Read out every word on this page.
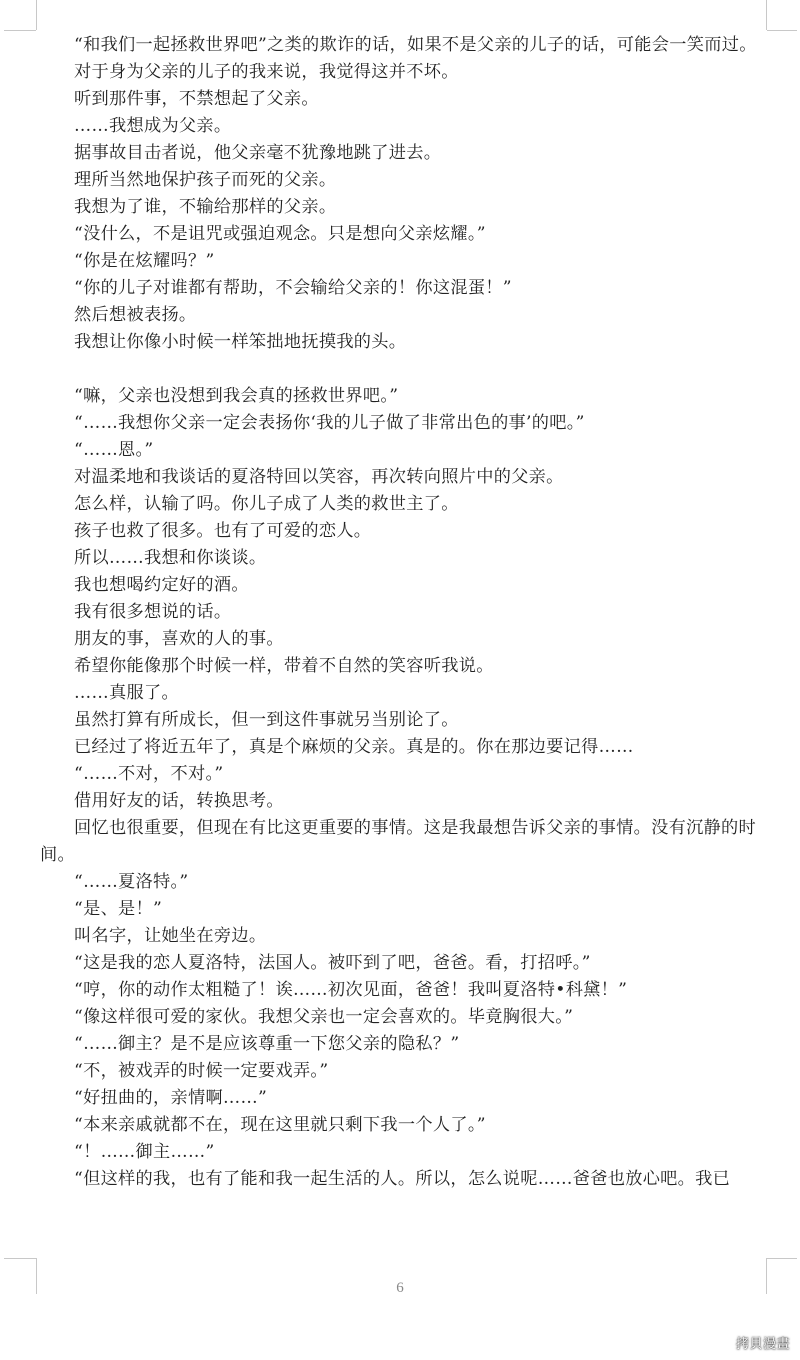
“和我们一起拯救世界吧”之类的欺诈的话，如果不是父亲的儿子的话，可能会一笑而过。

对于身为父亲的儿子的我来说，我觉得这并不坏。

听到那件事，不禁想起了父亲。

……我想成为父亲。

据事故目击者说，他父亲毫不犹豫地跳了进去。

理所当然地保护孩子而死的父亲。

我想为了谁，不输给那样的父亲。

“没什么，不是诅咒或强迫观念。只是想向父亲炫耀。”

“你是在炫耀吗？”

“你的儿子对谁都有帮助，不会输给父亲的！你这混蛋！”

然后想被表扬。

我想让你像小时候一样笨拙地抚摸我的头。

“嘛，父亲也没想到我会真的拯救世界吧。”

“……我想你父亲一定会表扬你‘我的儿子做了非常出色的事’的吧。”

“……恩。”

对温柔地和我谈话的夏洛特回以笑容，再次转向照片中的父亲。

怎么样，认输了吗。你儿子成了人类的救世主了。

孩子也救了很多。也有了可爱的恋人。

所以……我想和你谈谈。

我也想喝约定好的酒。

我有很多想说的话。

朋友的事，喜欢的人的事。

希望你能像那个时候一样，带着不自然的笑容听我说。

……真服了。

虽然打算有所成长，但一到这件事就另当别论了。

已经过了将近五年了，真是个麻烦的父亲。真是的。你在那边要记得……

“……不对，不对。”

借用好友的话，转换思考。

回忆也很重要，但现在有比这更重要的事情。这是我最想告诉父亲的事情。没有沉静的时间。

“……夏洛特。”

“是、是！”

叫名字，让她坐在旁边。

“这是我的恋人夏洛特，法国人。被吓到了吧，爸爸。看，打招呼。”

“哼，你的动作太粗糙了！诶……初次见面，爸爸！我叫夏洛特•科黛！”

“像这样很可爱的家伙。我想父亲也一定会喜欢的。毕竟胸很大。”

“……御主？是不是应该尊重一下您父亲的隐私？”

“不，被戏弄的时候一定要戏弄。”

“好扭曲的，亲情啊……”

“本来亲戚就都不在，现在这里就只剩下我一个人了。”

“！……御主……”

“但这样的我，也有了能和我一起生活的人。所以，怎么说呢……爸爸也放心吧。我已

6
拷貝漫畫
